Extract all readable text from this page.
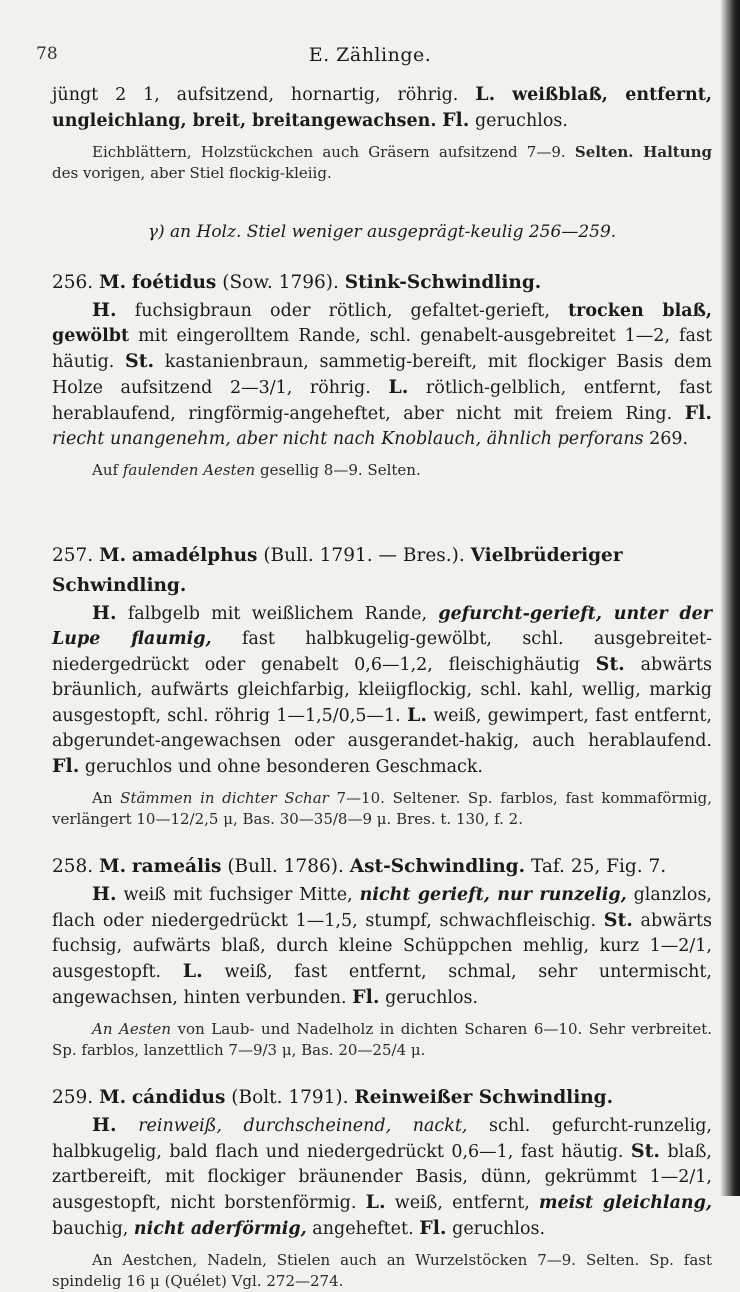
78	E. Zählinge.

jüngt 2 1, aufsitzend, hornartig, röhrig. L. weißblaß, entfernt, ungleichlang, breit, breitangewachsen. Fl. geruchlos.

Eichblättern, Holzstückchen auch Gräsern aufsitzend 7—9. Selten. Haltung des vorigen, aber Stiel flockig-kleiig.

γ) an Holz. Stiel weniger ausgeprägt-keulig 256—259.

256. M. foétidus (Sow. 1796). Stink-Schwindling.

H. fuchsigbraun oder rötlich, gefaltet-gerieft, trocken blaß, gewölbt mit eingerolltem Rande, schl. genabelt-ausgebreitet 1—2, fast häutig. St. kastanienbraun, sammetig-bereift, mit flockiger Basis dem Holze aufsitzend 2—3/1, röhrig. L. rötlich-gelblich, entfernt, fast herablaufend, ringförmig-angeheftet, aber nicht mit freiem Ring. Fl. riecht unangenehm, aber nicht nach Knoblauch, ähnlich perforans 269.

Auf faulenden Aesten gesellig 8—9. Selten.

257. M. amadélphus (Bull. 1791. — Bres.). Vielbrüderiger Schwindling.

H. falbgelb mit weißlichem Rande, gefurcht-gerieft, unter der Lupe flaumig, fast halbkugelig-gewölbt, schl. ausgebreitet-niedergedrückt oder genabelt 0,6—1,2, fleischighäutig St. abwärts bräunlich, aufwärts gleichfarbig, kleiigflockig, schl. kahl, wellig, markig ausgestopft, schl. röhrig 1—1,5/0,5—1. L. weiß, gewimpert, fast entfernt, abgerundet-angewachsen oder ausgerandet-hakig, auch herablaufend. Fl. geruchlos und ohne besonderen Geschmack.

An Stämmen in dichter Schar 7—10. Seltener. Sp. farblos, fast kommaförmig, verlängert 10—12/2,5 μ, Bas. 30—35/8—9 μ. Bres. t. 130, f. 2.

258. M. rameális (Bull. 1786). Ast-Schwindling. Taf. 25, Fig. 7.

H. weiß mit fuchsiger Mitte, nicht gerieft, nur runzelig, glanzlos, flach oder niedergedrückt 1—1,5, stumpf, schwachfleischig. St. abwärts fuchsig, aufwärts blaß, durch kleine Schüppchen mehlig, kurz 1—2/1, ausgestopft. L. weiß, fast entfernt, schmal, sehr untermischt, angewachsen, hinten verbunden. Fl. geruchlos.

An Aesten von Laub- und Nadelholz in dichten Scharen 6—10. Sehr verbreitet. Sp. farblos, lanzettlich 7—9/3 μ, Bas. 20—25/4 μ.

259. M. cándidus (Bolt. 1791). Reinweißer Schwindling.

H. reinweiß, durchscheinend, nackt, schl. gefurcht-runzelig, halbkugelig, bald flach und niedergedrückt 0,6—1, fast häutig. St. blaß, zartbereift, mit flockiger bräunender Basis, dünn, gekrümmt 1—2/1, ausgestopft, nicht borstenförmig. L. weiß, entfernt, meist gleichlang, bauchig, nicht aderförmig, angeheftet. Fl. geruchlos.

An Aestchen, Nadeln, Stielen auch an Wurzelstöcken 7—9. Selten. Sp. fast spindelig 16 μ (Quélet) Vgl. 272—274.
